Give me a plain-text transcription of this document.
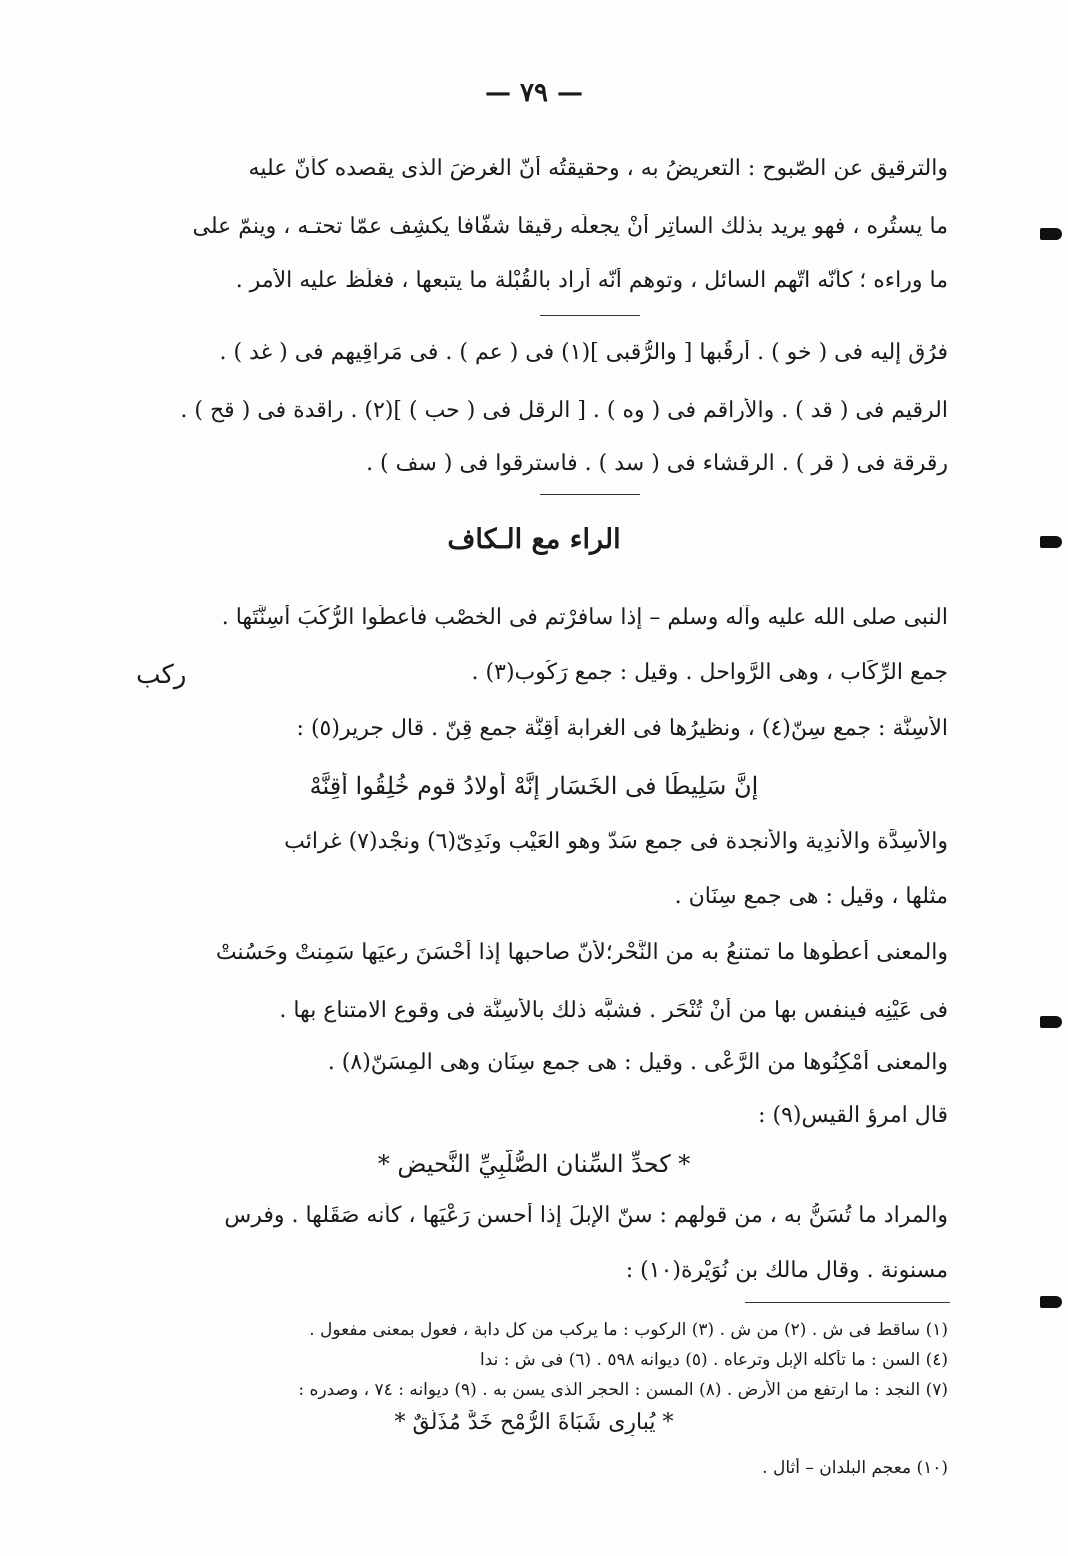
— ٧٩ —
والترقيق عن الصّبوح : التعريضُ به ، وحقيقتُه أنّ الغرضَ الذى يقصده كأنّ عليه
ما يستُره ، فهو يريد بذلك الساتِر أنْ يجعلَه رقيقا شفّافا يكشِف عمّا تحتـه ، وينمّ على
ما وراءه ؛ كأنّه اتّهم السائل ، وتوهم أنّه أراد بالقُبْلة ما يتبعها ، فغلّظ عليه الأمر .
فرُق إليه فى ( خو ) . أرقُبها [ والرُّقبى ](١) فى ( عم ) . فى مَراقِيهم فى ( غد ) .
الرقيم فى ( قد ) . والأراقم فى ( وه ) . [ الرقل فى ( حب ) ](٢) . راقدة فى ( قح ) .
رقرقة فى ( قر ) . الرقشاء فى ( سد ) . فاسترقوا فى ( سف ) .
الراء مع الـكاف
ركب
النبى صلى الله عليه وآله وسلم – إذا سافرْتم فى الخصْب فأعطُوا الرُّكُبَ أسِنَّتَها .
جمع الرِّكَاب ، وهى الرَّواحل . وقيل : جمع رَكُوب(٣) .
الأسِنَّة : جمع سِنّ(٤) ، ونظيرُها فى الغرابة أقِنَّة جمع قِنّ . قال جرير(٥) :
إنَّ سَلِيطًا فى الخَسَار إنَّهْ أولادُ قومٍ خُلِقُوا أقِنَّهْ
والأسِدَّة والأندِية والأنجدة فى جمع سَدّ وهو العَيْب ونَدِىّ(٦) ونجْد(٧) غرائب
مثلها ، وقيل : هى جمع سِنَان .
والمعنى أعطُوها ما تمتنعُ به من النَّحْر؛لأنّ صاحبها إذا أحْسَنَ رعيَها سَمِنتْ وحَسُنتْ
فى عَيْنِه فينفس بها من أنْ تُنْحَر . فشبَّه ذلك بالأسِنَّة فى وقوع الامتناع بها .
والمعنى أمْكِنُوها من الرَّعْى . وقيل : هى جمع سِنَان وهى المِسَنّ(٨) .
قال امرؤ القيس(٩) :
* كحدِّ السِّنان الصُّلَّبِيِّ النَّحيضِ *
والمراد ما تُسَنُّ به ، من قولهم : سنّ الإبلَ إذا أحسن رَعْيَها ، كأنه صَقَلها . وفرس
مسنونة . وقال مالك بن نُوَيْرة(١٠) :
(١) ساقط فى ش . (٢) من ش . (٣) الركوب : ما يركب من كل دابة ، فعول بمعنى مفعول .
(٤) السن : ما تأكله الإبل وترعاه . (٥) ديوانه ٥٩٨ . (٦) فى ش : ندا
(٧) النجد : ما ارتفع من الأرض . (٨) المسن : الحجر الذى يسن به . (٩) ديوانه : ٧٤ ، وصدره :
* يُبارِى شَبَاةَ الرُّمْحِ خَدٌّ مُذَلَّقٌ *
(١٠) معجم البلدان – أثال .
